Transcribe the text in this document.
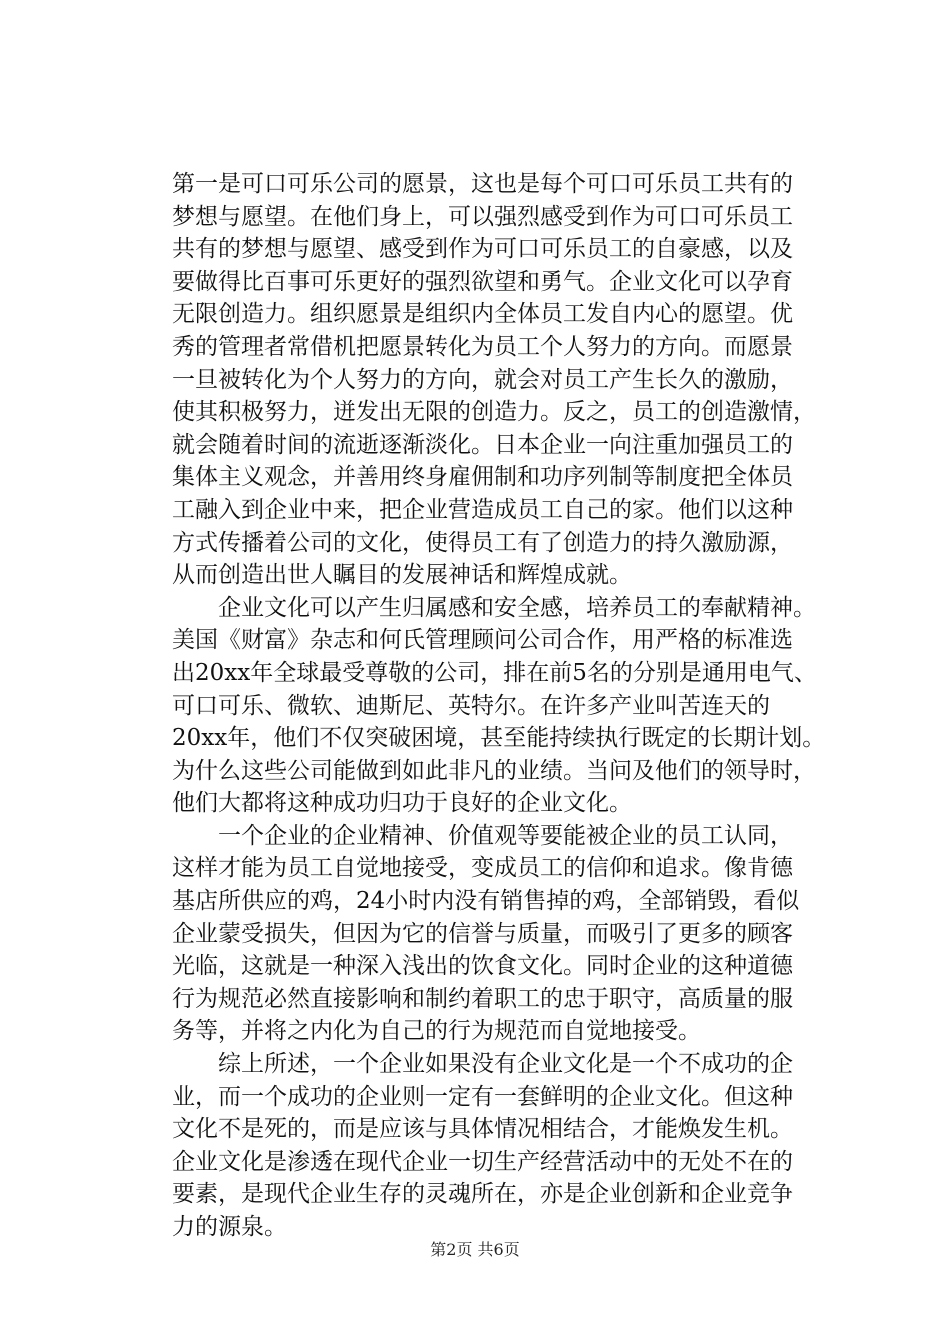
第一是可口可乐公司的愿景，这也是每个可口可乐员工共有的
梦想与愿望。在他们身上，可以强烈感受到作为可口可乐员工
共有的梦想与愿望、感受到作为可口可乐员工的自豪感，以及
要做得比百事可乐更好的强烈欲望和勇气。企业文化可以孕育
无限创造力。组织愿景是组织内全体员工发自内心的愿望。优
秀的管理者常借机把愿景转化为员工个人努力的方向。而愿景
一旦被转化为个人努力的方向，就会对员工产生长久的激励，
使其积极努力，迸发出无限的创造力。反之，员工的创造激情，
就会随着时间的流逝逐渐淡化。日本企业一向注重加强员工的
集体主义观念，并善用终身雇佣制和功序列制等制度把全体员
工融入到企业中来，把企业营造成员工自己的家。他们以这种
方式传播着公司的文化，使得员工有了创造力的持久激励源，
从而创造出世人瞩目的发展神话和辉煌成就。
　　企业文化可以产生归属感和安全感，培养员工的奉献精神。
美国《财富》杂志和何氏管理顾问公司合作，用严格的标准选
出20xx年全球最受尊敬的公司，排在前5名的分别是通用电气、
可口可乐、微软、迪斯尼、英特尔。在许多产业叫苦连天的
20xx年，他们不仅突破困境，甚至能持续执行既定的长期计划。
为什么这些公司能做到如此非凡的业绩。当问及他们的领导时，
他们大都将这种成功归功于良好的企业文化。
　　一个企业的企业精神、价值观等要能被企业的员工认同，
这样才能为员工自觉地接受，变成员工的信仰和追求。像肯德
基店所供应的鸡，24小时内没有销售掉的鸡，全部销毁，看似
企业蒙受损失，但因为它的信誉与质量，而吸引了更多的顾客
光临，这就是一种深入浅出的饮食文化。同时企业的这种道德
行为规范必然直接影响和制约着职工的忠于职守，高质量的服
务等，并将之内化为自己的行为规范而自觉地接受。
　　综上所述，一个企业如果没有企业文化是一个不成功的企
业，而一个成功的企业则一定有一套鲜明的企业文化。但这种
文化不是死的，而是应该与具体情况相结合，才能焕发生机。
企业文化是渗透在现代企业一切生产经营活动中的无处不在的
要素，是现代企业生存的灵魂所在，亦是企业创新和企业竞争
力的源泉。
第2页 共6页
